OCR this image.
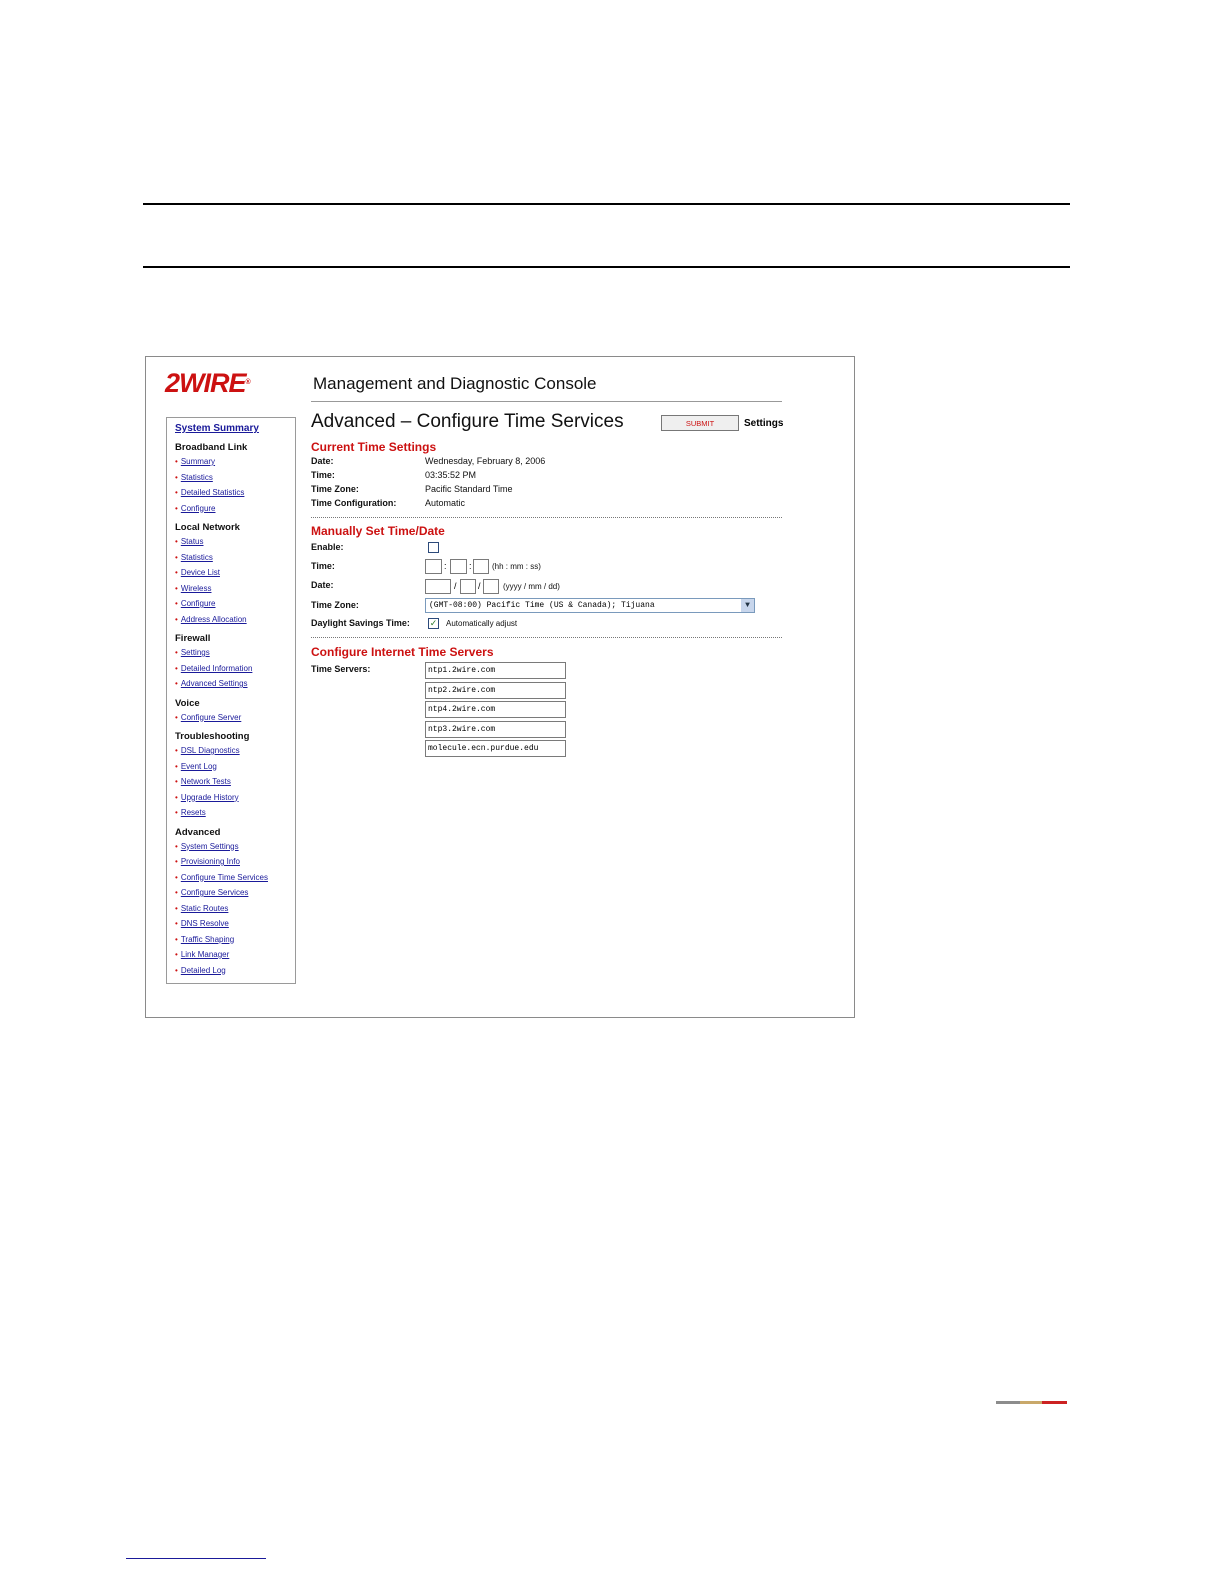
2WIRE®	Management and Diagnostic Console
System Summary
Broadband Link
• Summary
• Statistics
• Detailed Statistics
• Configure
Local Network
• Status
• Statistics
• Device List
• Wireless
• Configure
• Address Allocation
Firewall
• Settings
• Detailed Information
• Advanced Settings
Voice
• Configure Server
Troubleshooting
• DSL Diagnostics
• Event Log
• Network Tests
• Upgrade History
• Resets
Advanced
• System Settings
• Provisioning Info
• Configure Time Services
• Configure Services
• Static Routes
• DNS Resolve
• Traffic Shaping
• Link Manager
• Detailed Log
Advanced – Configure Time Services	SUBMIT	Settings
Current Time Settings
Date:	Wednesday, February 8, 2006
Time:	03:35:52 PM
Time Zone:	Pacific Standard Time
Time Configuration:	Automatic
Manually Set Time/Date
Enable:
Time:	: :	(hh : mm : ss)
Date:	/ /	(yyyy / mm / dd)
Time Zone:	(GMT-08:00) Pacific Time (US & Canada); Tijuana	▼
Daylight Savings Time: ✓ Automatically adjust
Configure Internet Time Servers
Time Servers:	ntp1.2wire.com
ntp2.2wire.com
ntp4.2wire.com
ntp3.2wire.com
molecule.ecn.purdue.edu
